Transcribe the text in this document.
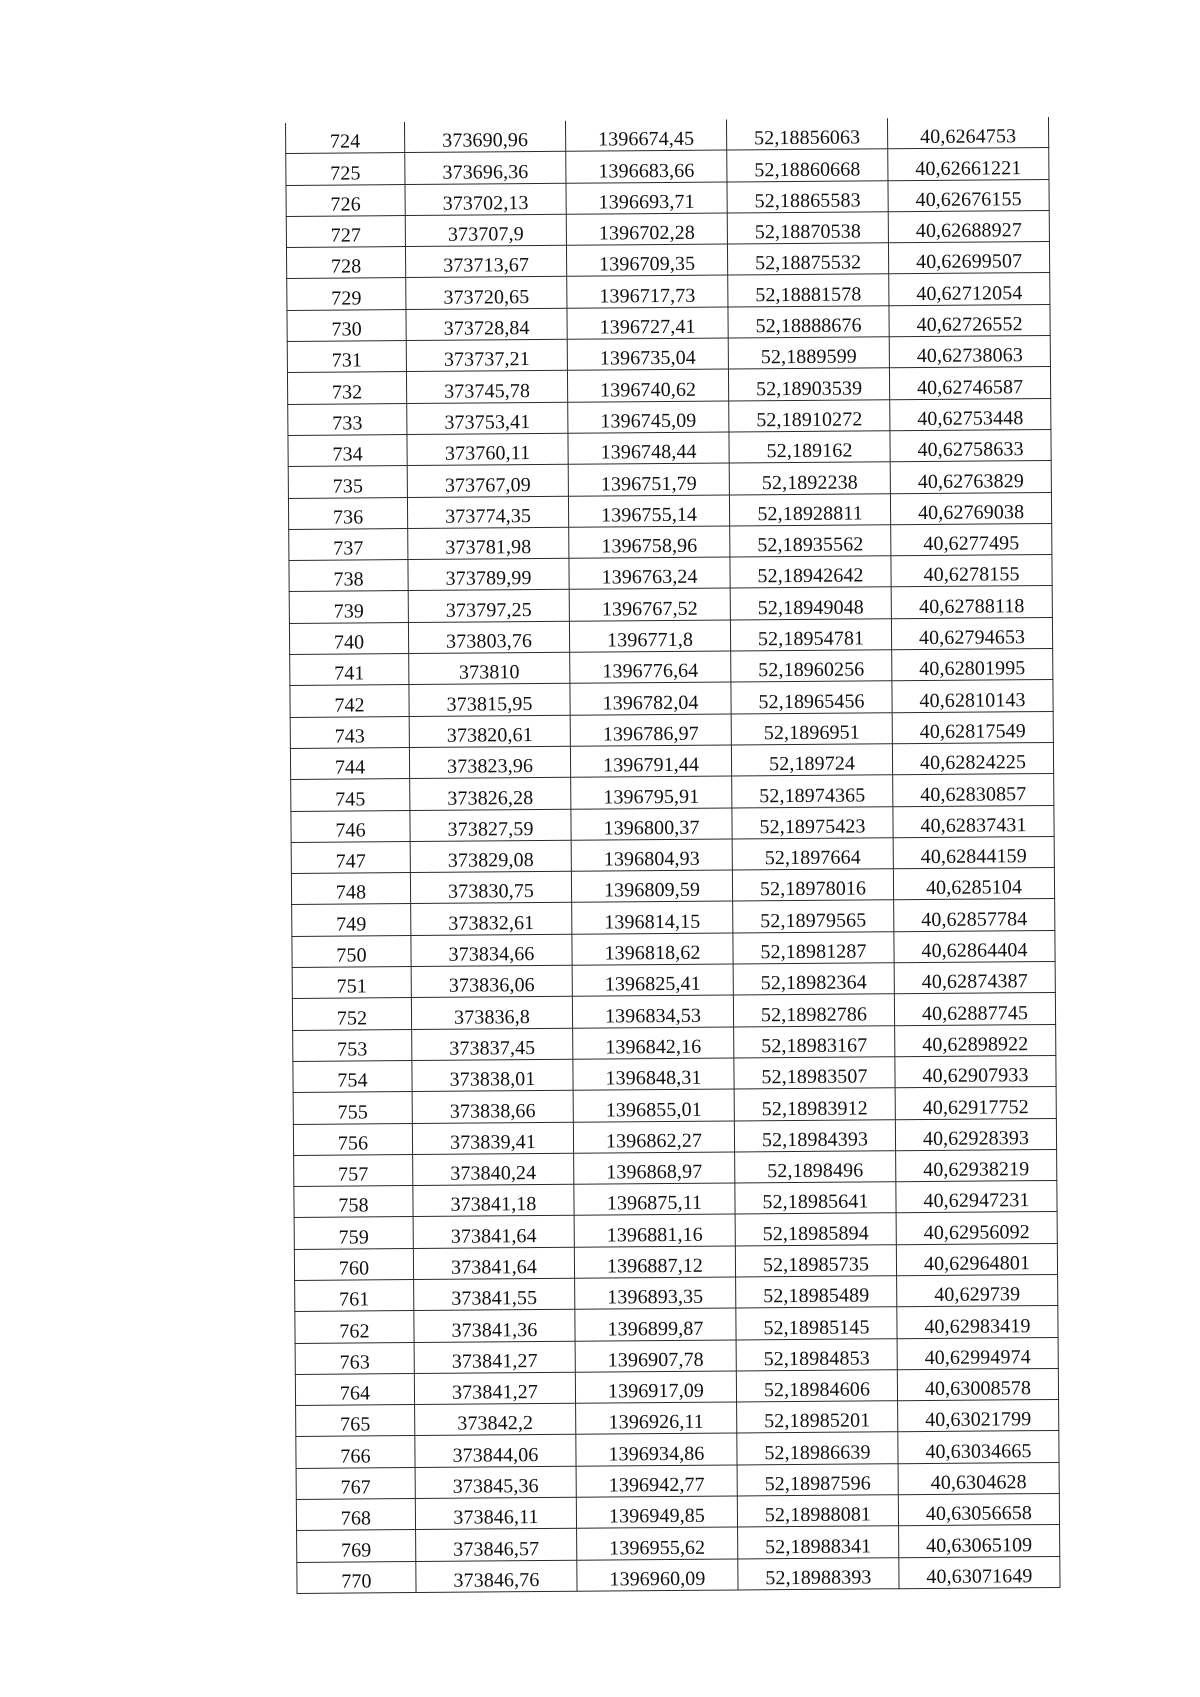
724	373690,96	1396674,45	52,18856063	40,6264753
725	373696,36	1396683,66	52,18860668	40,62661221
726	373702,13	1396693,71	52,18865583	40,62676155
727	373707,9	1396702,28	52,18870538	40,62688927
728	373713,67	1396709,35	52,18875532	40,62699507
729	373720,65	1396717,73	52,18881578	40,62712054
730	373728,84	1396727,41	52,18888676	40,62726552
731	373737,21	1396735,04	52,1889599	40,62738063
732	373745,78	1396740,62	52,18903539	40,62746587
733	373753,41	1396745,09	52,18910272	40,62753448
734	373760,11	1396748,44	52,189162	40,62758633
735	373767,09	1396751,79	52,1892238	40,62763829
736	373774,35	1396755,14	52,18928811	40,62769038
737	373781,98	1396758,96	52,18935562	40,6277495
738	373789,99	1396763,24	52,18942642	40,6278155
739	373797,25	1396767,52	52,18949048	40,62788118
740	373803,76	1396771,8	52,18954781	40,62794653
741	373810	1396776,64	52,18960256	40,62801995
742	373815,95	1396782,04	52,18965456	40,62810143
743	373820,61	1396786,97	52,1896951	40,62817549
744	373823,96	1396791,44	52,189724	40,62824225
745	373826,28	1396795,91	52,18974365	40,62830857
746	373827,59	1396800,37	52,18975423	40,62837431
747	373829,08	1396804,93	52,1897664	40,62844159
748	373830,75	1396809,59	52,18978016	40,6285104
749	373832,61	1396814,15	52,18979565	40,62857784
750	373834,66	1396818,62	52,18981287	40,62864404
751	373836,06	1396825,41	52,18982364	40,62874387
752	373836,8	1396834,53	52,18982786	40,62887745
753	373837,45	1396842,16	52,18983167	40,62898922
754	373838,01	1396848,31	52,18983507	40,62907933
755	373838,66	1396855,01	52,18983912	40,62917752
756	373839,41	1396862,27	52,18984393	40,62928393
757	373840,24	1396868,97	52,1898496	40,62938219
758	373841,18	1396875,11	52,18985641	40,62947231
759	373841,64	1396881,16	52,18985894	40,62956092
760	373841,64	1396887,12	52,18985735	40,62964801
761	373841,55	1396893,35	52,18985489	40,629739
762	373841,36	1396899,87	52,18985145	40,62983419
763	373841,27	1396907,78	52,18984853	40,62994974
764	373841,27	1396917,09	52,18984606	40,63008578
765	373842,2	1396926,11	52,18985201	40,63021799
766	373844,06	1396934,86	52,18986639	40,63034665
767	373845,36	1396942,77	52,18987596	40,6304628
768	373846,11	1396949,85	52,18988081	40,63056658
769	373846,57	1396955,62	52,18988341	40,63065109
770	373846,76	1396960,09	52,18988393	40,63071649
